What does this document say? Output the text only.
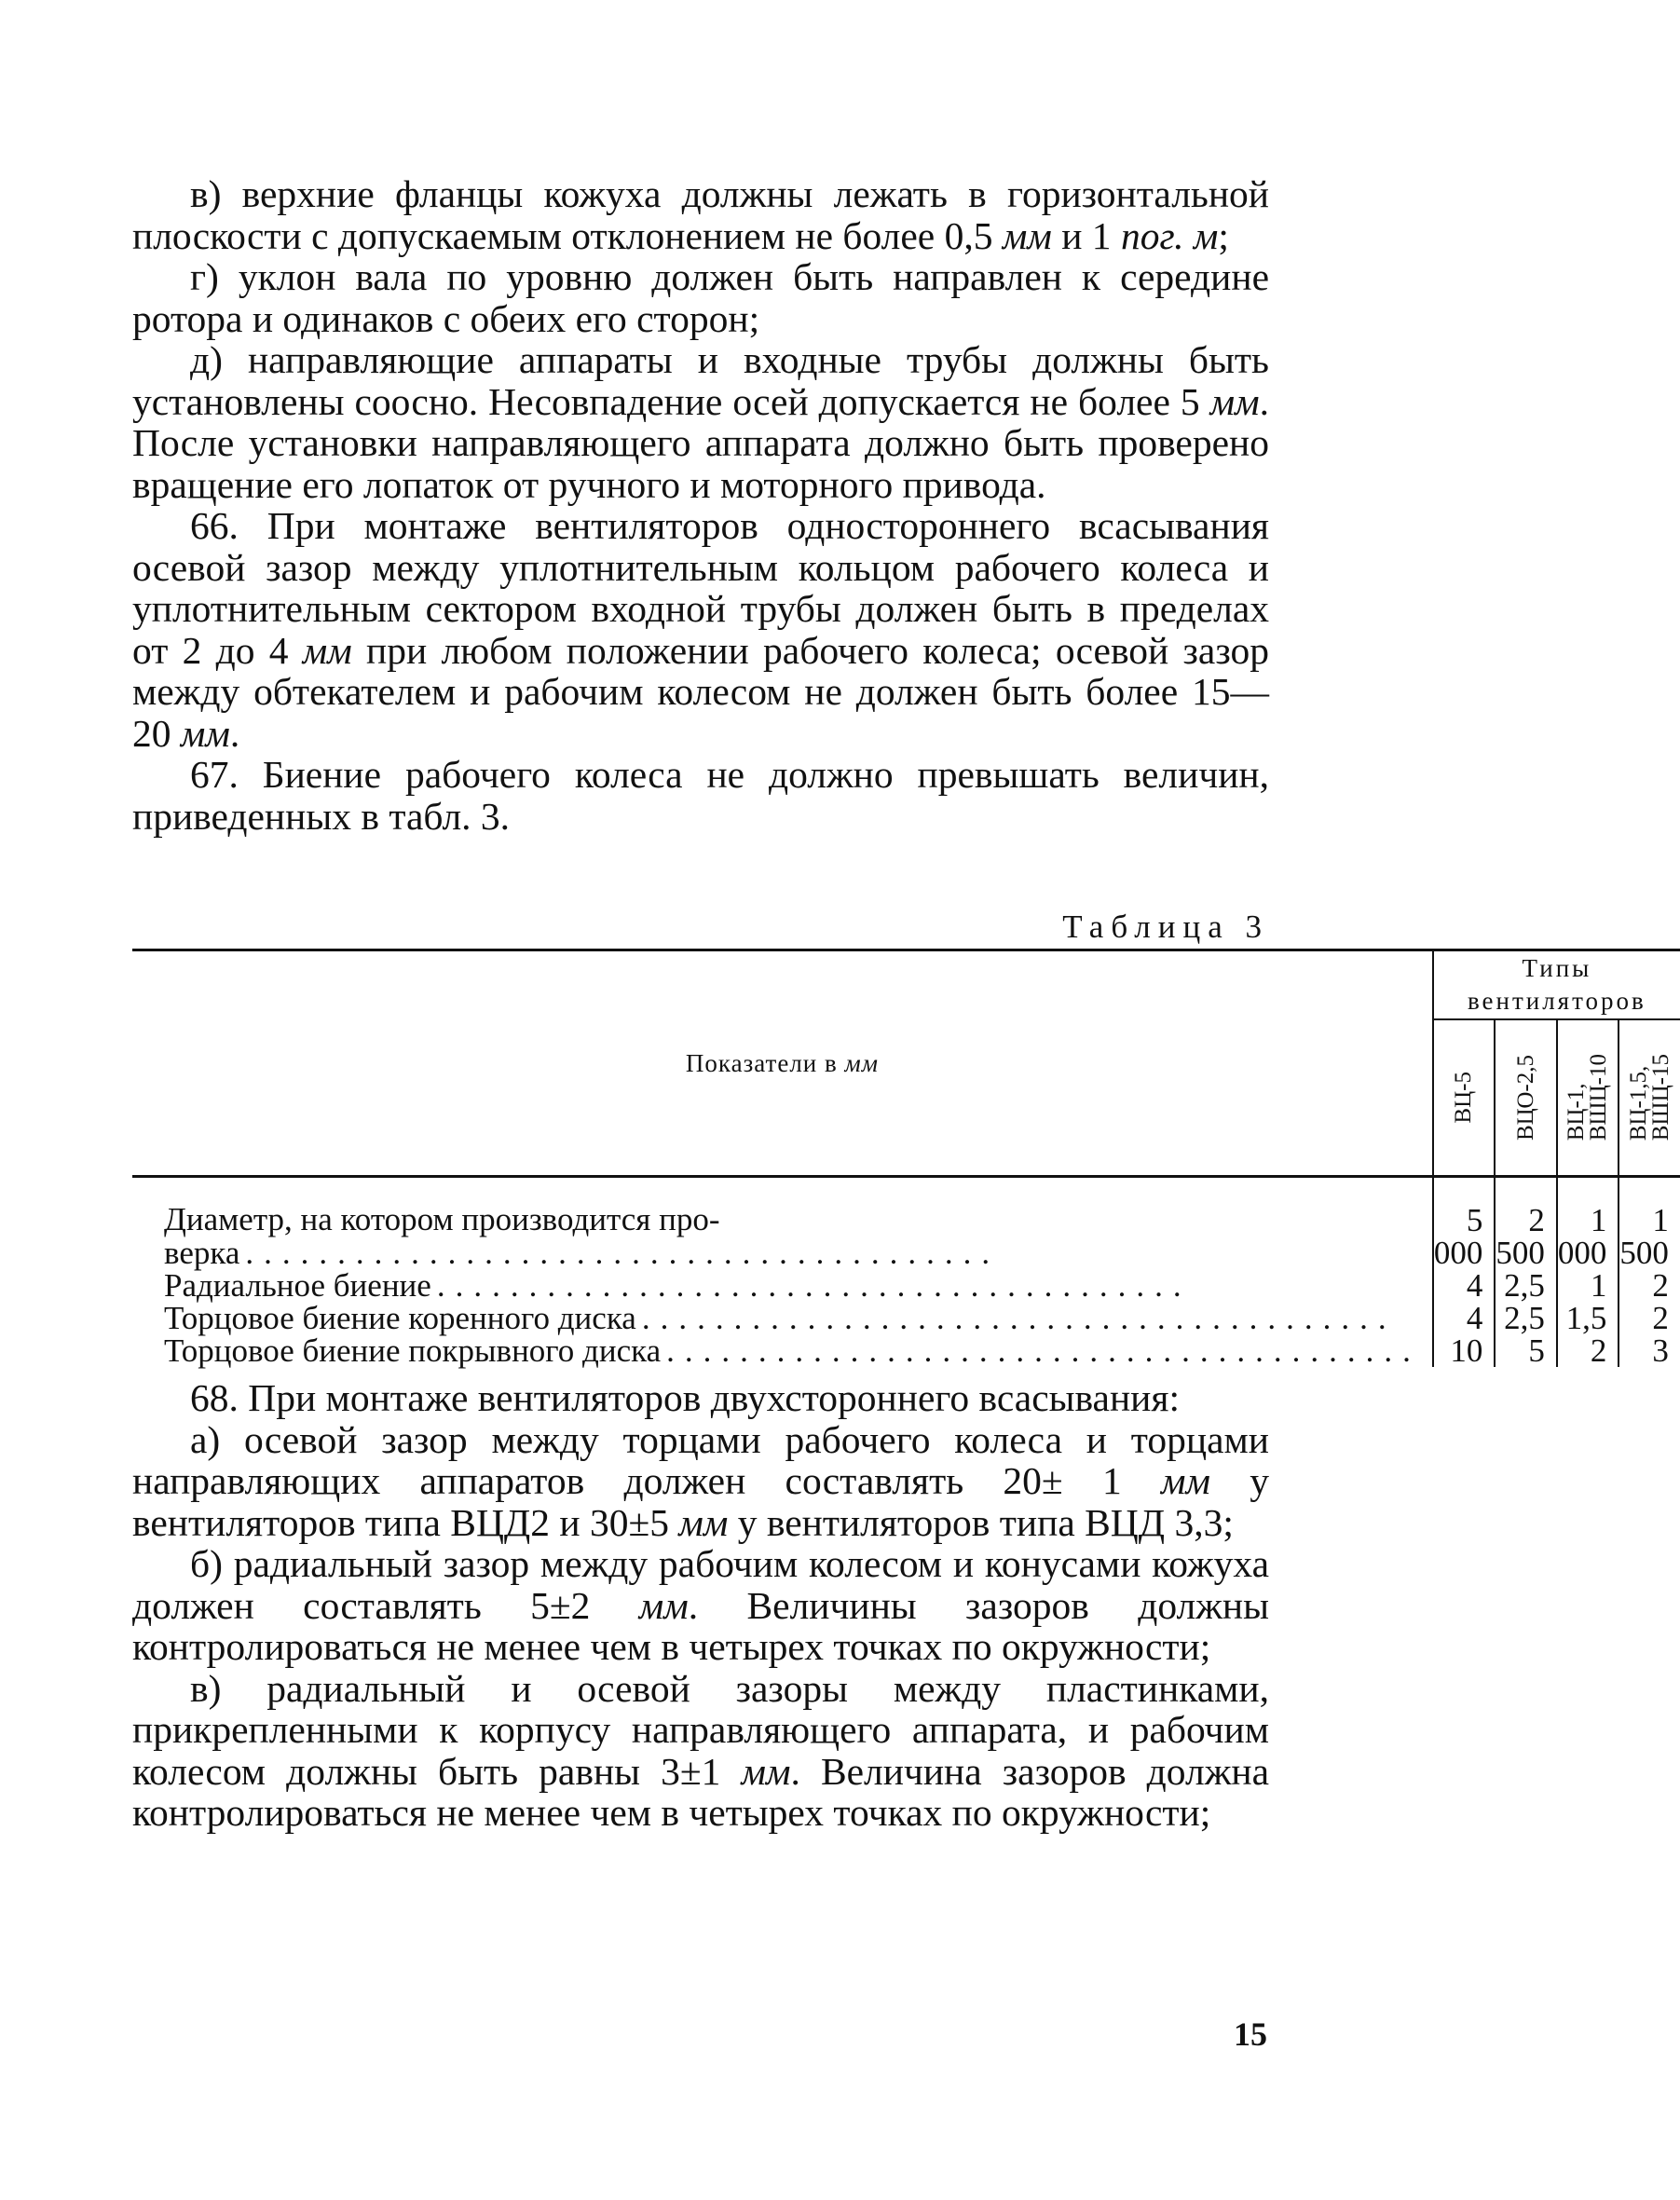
в) верхние фланцы кожуха должны лежать в горизонтальной плоскости с допускаемым отклонением не более 0,5 мм и 1 пог. м;

г) уклон вала по уровню должен быть направлен к середине ротора и одинаков с обеих его сторон;

д) направляющие аппараты и входные трубы должны быть установлены соосно. Несовпадение осей допускается не более 5 мм. После установки направляющего аппарата должно быть проверено вращение его лопаток от ручного и моторного привода.

66. При монтаже вентиляторов одностороннего всасывания осевой зазор между уплотнительным кольцом рабочего колеса и уплотнительным сектором входной трубы должен быть в пределах от 2 до 4 мм при любом положении рабочего колеса; осевой зазор между обтекателем и рабочим колесом не должен быть более 15—20 мм.

67. Биение рабочего колеса не должно превышать величин, приведенных в табл. 3.

Таблица 3
Показатели в мм	Типы вентиляторов			

	ВЦ-5	ВЦО-2,5	ВЦ-1,
ВШЦ-10	ВЦ-1,5,
ВШЦ-15

Диаметр, на котором производится про-
верка .........................................	5 000	2 500	1 000	1 500

Радиальное биение .........................................	4	2,5	1	2

Торцовое биение коренного диска .........................................	4	2,5	1,5	2

Торцовое биение покрывного диска .........................................	10	5	2	3

68. При монтаже вентиляторов двухстороннего всасывания:

а) осевой зазор между торцами рабочего колеса и торцами направляющих аппаратов должен составлять 20± 1 мм у вентиляторов типа ВЦД2 и 30±5 мм у вентиляторов типа ВЦД 3,3;

б) радиальный зазор между рабочим колесом и конусами кожуха должен составлять 5±2 мм. Величины зазоров должны контролироваться не менее чем в четырех точках по окружности;

в) радиальный и осевой зазоры между пластинками, прикрепленными к корпусу направляющего аппарата, и рабочим колесом должны быть равны 3±1 мм. Величина зазоров должна контролироваться не менее чем в четырех точках по окружности;

15
